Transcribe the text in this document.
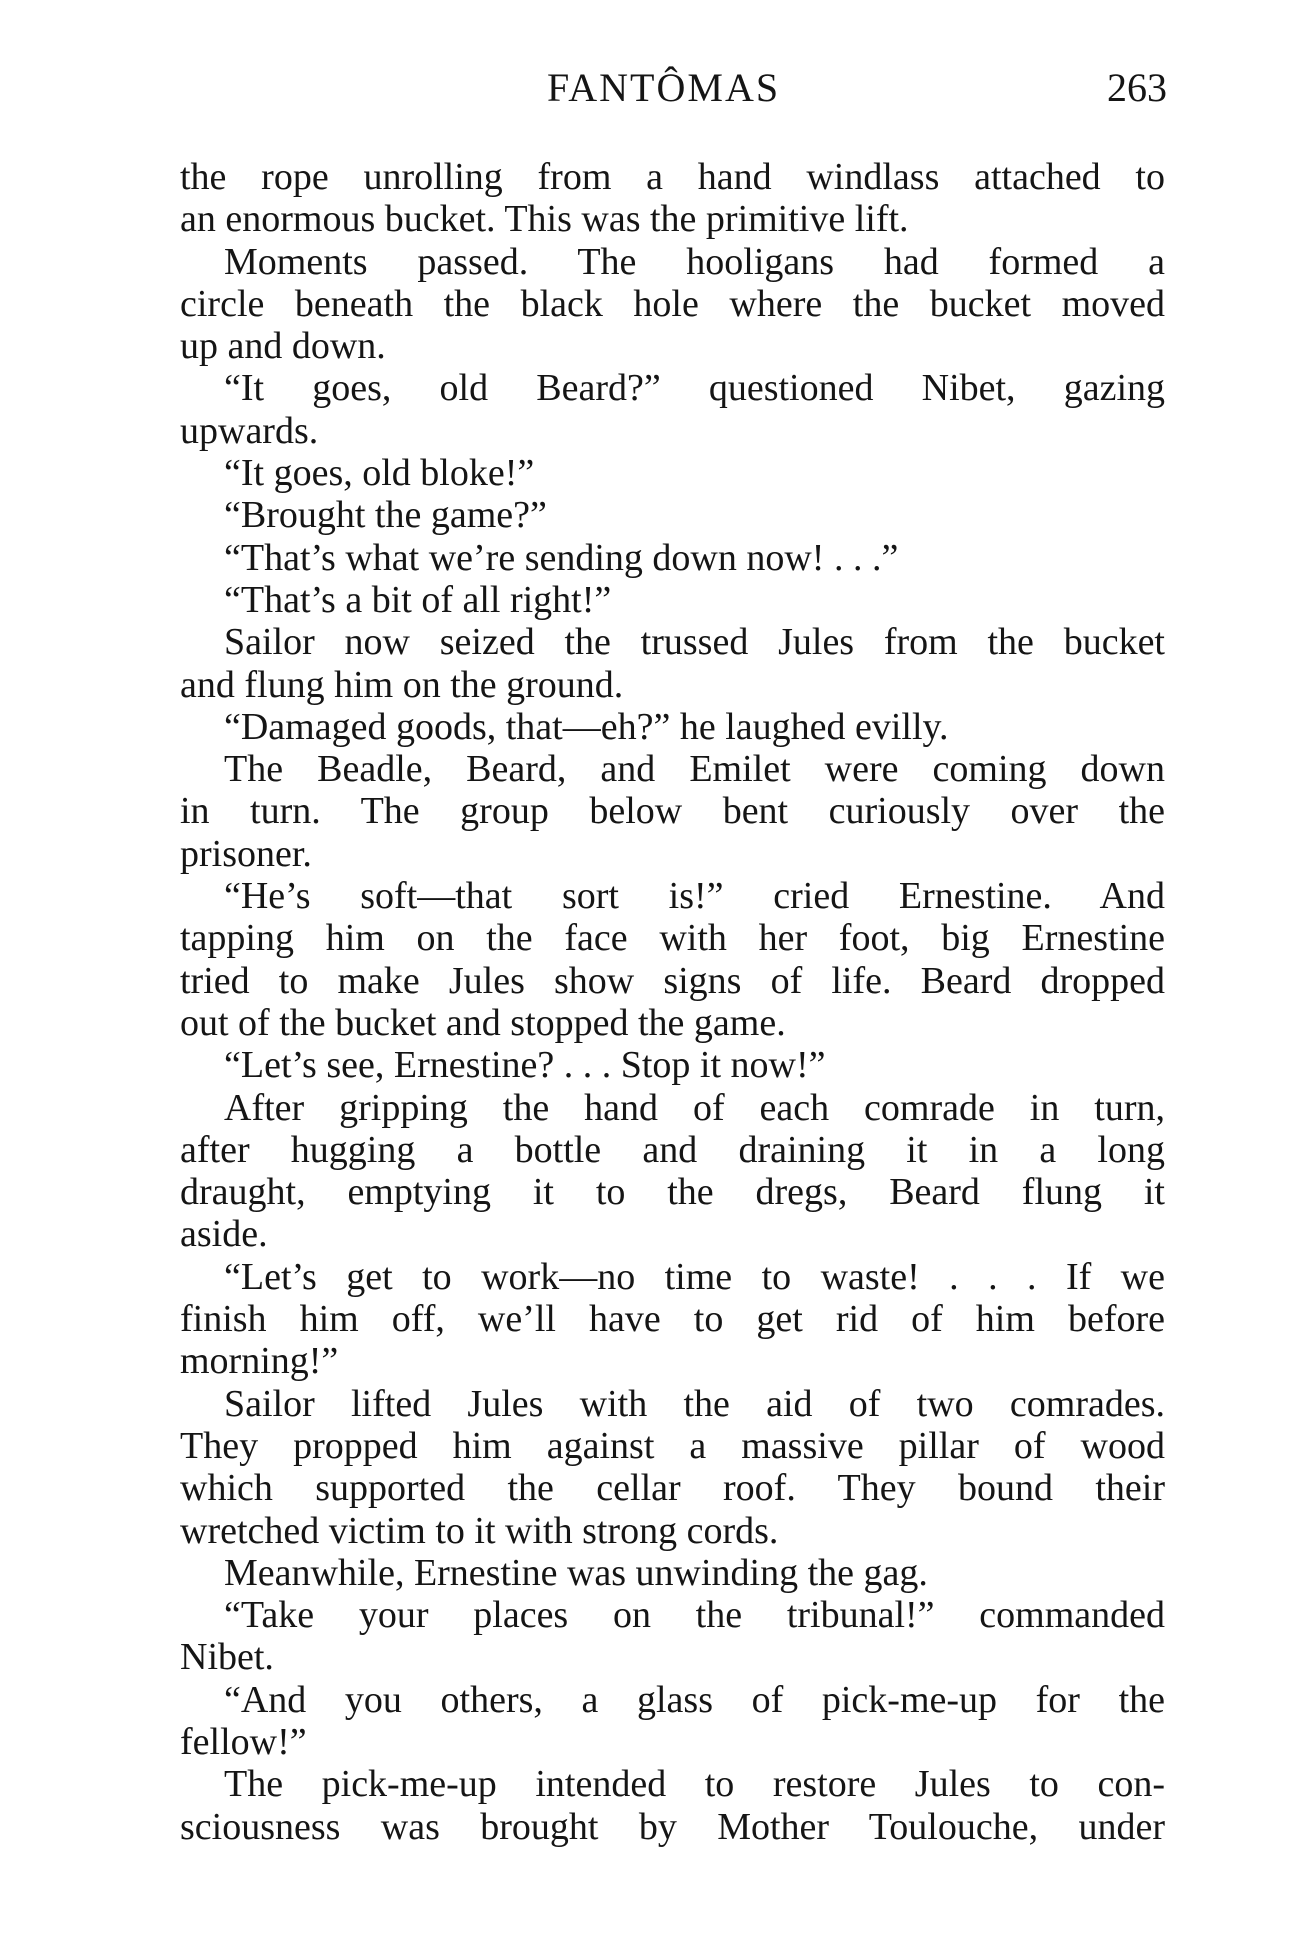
FANTÔMAS	263
the rope unrolling from a hand windlass attached to
an enormous bucket. This was the primitive lift.
Moments passed. The hooligans had formed a
circle beneath the black hole where the bucket moved
up and down.
“It goes, old Beard?” questioned Nibet, gazing
upwards.
“It goes, old bloke!”
“Brought the game?”
“That’s what we’re sending down now! . . .”
“That’s a bit of all right!”
Sailor now seized the trussed Jules from the bucket
and flung him on the ground.
“Damaged goods, that—eh?” he laughed evilly.
The Beadle, Beard, and Emilet were coming down
in turn. The group below bent curiously over the
prisoner.
“He’s soft—that sort is!” cried Ernestine. And
tapping him on the face with her foot, big Ernestine
tried to make Jules show signs of life. Beard dropped
out of the bucket and stopped the game.
“Let’s see, Ernestine? . . . Stop it now!”
After gripping the hand of each comrade in turn,
after hugging a bottle and draining it in a long
draught, emptying it to the dregs, Beard flung it
aside.
“Let’s get to work—no time to waste! . . . If we
finish him off, we’ll have to get rid of him before
morning!”
Sailor lifted Jules with the aid of two comrades.
They propped him against a massive pillar of wood
which supported the cellar roof. They bound their
wretched victim to it with strong cords.
Meanwhile, Ernestine was unwinding the gag.
“Take your places on the tribunal!” commanded
Nibet.
“And you others, a glass of pick-me-up for the
fellow!”
The pick-me-up intended to restore Jules to con-
sciousness was brought by Mother Toulouche, under
